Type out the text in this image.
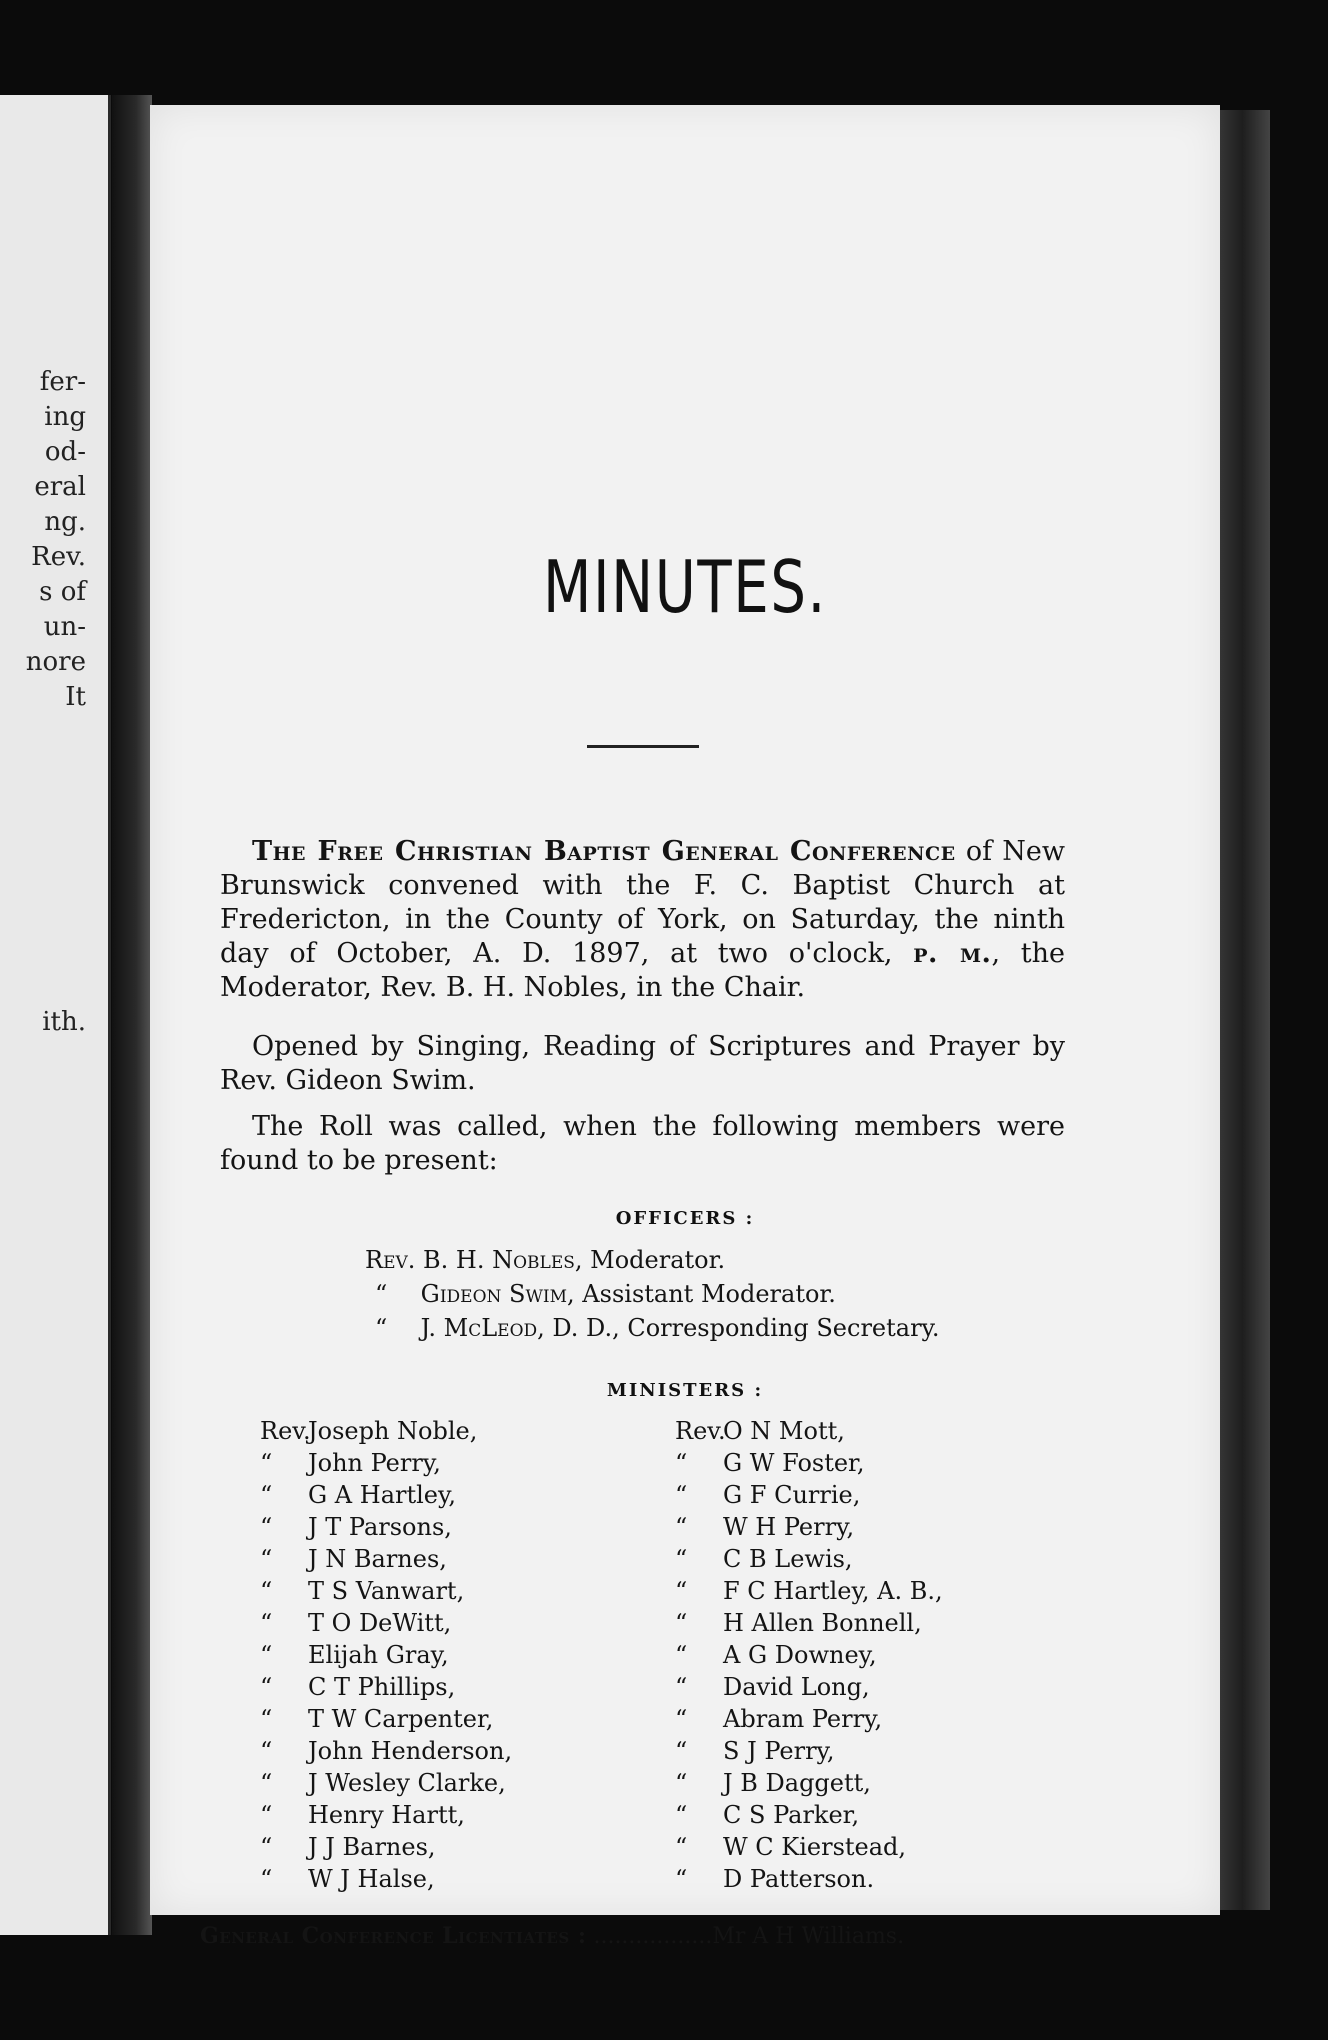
fer-
ing
od-
eral
ng.
Rev.
s of
un-
nore
It
ith.
MINUTES.
The Free Christian Baptist General Conference of New Brunswick convened with the F. C. Baptist Church at Fredericton, in the County of York, on Saturday, the ninth day of October, A. D. 1897, at two o'clock, p. m., the Moderator, Rev. B. H. Nobles, in the Chair.
Opened by Singing, Reading of Scriptures and Prayer by Rev. Gideon Swim.
The Roll was called, when the following members were found to be present:
OFFICERS :
Rev. B. H. Nobles, Moderator.
“ Gideon Swim, Assistant Moderator.
“ J. McLeod, D. D., Corresponding Secretary.
MINISTERS :
Rev.Joseph Noble,
“ John Perry,
“ G A Hartley,
“ J T Parsons,
“ J N Barnes,
“ T S Vanwart,
“ T O DeWitt,
“ Elijah Gray,
“ C T Phillips,
“ T W Carpenter,
“ John Henderson,
“ J Wesley Clarke,
“ Henry Hartt,
“ J J Barnes,
“ W J Halse,
Rev.O N Mott,
“ G W Foster,
“ G F Currie,
“ W H Perry,
“ C B Lewis,
“ F C Hartley, A. B.,
“ H Allen Bonnell,
“ A G Downey,
“ David Long,
“ Abram Perry,
“ S J Perry,
“ J B Daggett,
“ C S Parker,
“ W C Kierstead,
“ D Patterson.
General Conference Licentiates : .................Mr A H Williams.
